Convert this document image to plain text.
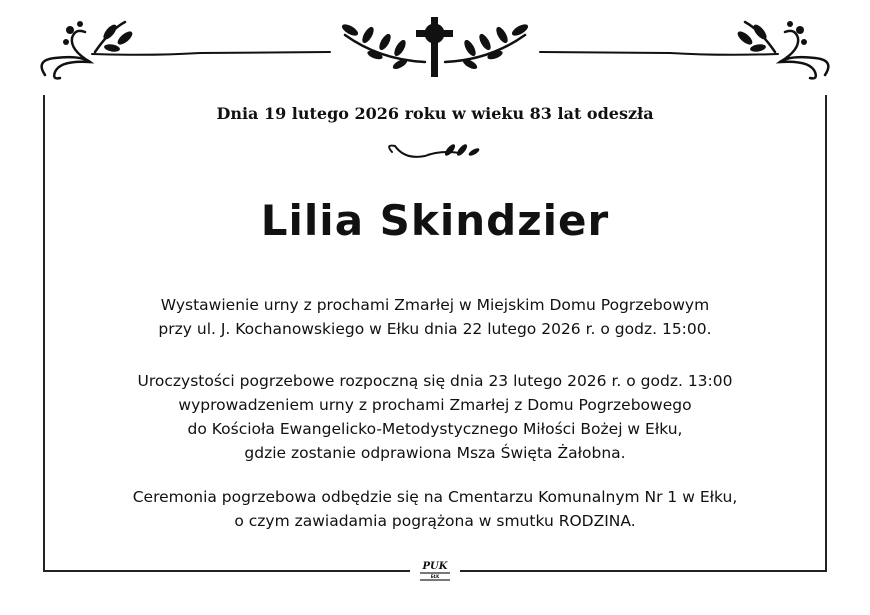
Dnia 19 lutego 2026 roku w wieku 83 lat odeszła
Lilia Skindzier
Wystawienie urny z prochami Zmarłej w Miejskim Domu Pogrzebowym
przy ul. J. Kochanowskiego w Ełku dnia 22 lutego 2026 r. o godz. 15:00.
Uroczystości pogrzebowe rozpoczną się dnia 23 lutego 2026 r. o godz. 13:00
wyprowadzeniem urny z prochami Zmarłej z Domu Pogrzebowego
do Kościoła Ewangelicko-Metodystycznego Miłości Bożej w Ełku,
gdzie zostanie odprawiona Msza Święta Żałobna.
Ceremonia pogrzebowa odbędzie się na Cmentarzu Komunalnym Nr 1 w Ełku,
o czym zawiadamia pogrążona w smutku RODZINA.
PUK
EŁK
